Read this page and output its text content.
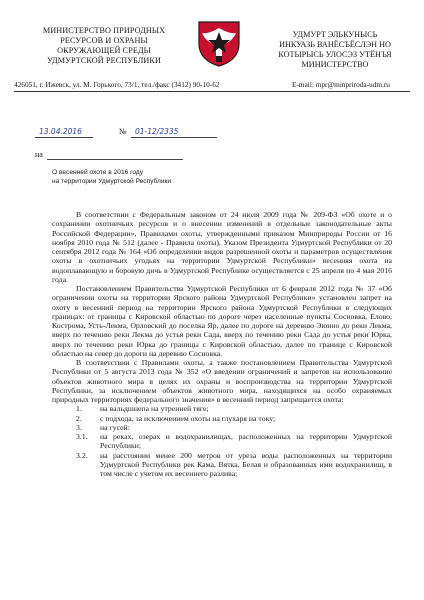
МИНИСТЕРСТВО ПРИРОДНЫХ
РЕСУРСОВ И ОХРАНЫ
ОКРУЖАЮЩЕЙ СРЕДЫ
УДМУРТСКОЙ РЕСПУБЛИКИ
УДМУРТ ЭЛЬКУНЫСЬ
ИНКУАЗЬ ВАНЁСЪЁСЛЭН НО
КОТЫРЫСЬ УЛОСЭЗ УТЁНЪЯ
МИНИСТЕРСТВО
426051, г. Ижевск, ул. М. Горького, 73/1, тел./факс (3412) 90-10-62	E-mail: mpr@minpriroda-udm.ru
13.04.2016	№ 01-12/2335
на
О весенней охоте в 2016 году
на территории Удмуртской Республики

В соответствии с Федеральным законом от 24 июля 2009 года № 209-ФЗ «Об охоте и о сохранении охотничьих ресурсов и о внесении изменений в отдельные законодательные акты Российской Федерации», Правилами охоты, утвержденными приказом Минприроды России от 16 ноября 2010 года № 512 (далее - Правила охоты), Указом Президента Удмуртской Республики от 20 сентября 2012 года № 164 «Об определении видов разрешенной охоты и параметров осуществления охоты в охотничьих угодьях на территории Удмуртской Республики» весенняя охота на водоплавающую и боровую дичь в Удмуртской Республике осуществляется с 25 апреля по 4 мая 2016 года.

Постановлением Правительства Удмуртской Республики от 6 февраля 2012 года № 37 «Об ограничении охоты на территории Ярского района Удмуртской Республики» установлен запрет на охоту в весенний период на территории Ярского района Удмуртской Республики в следующих границах: от границы с Кировской областью по дороге через населенные пункты Сосновка, Елово, Кострома, Усть-Лекма, Орловский до поселка Яр, далее по дороге на деревню Эюино до реки Лекма, вверх по течению реки Лекма до устья реки Сада, вверх по течению реки Сада до устья реки Юрка, вверх по течению реки Юрка до границы с Кировской областью, далее по границе с Кировской областью на север до дороги на деревню Сосновка.

В соответствии с Правилами охоты, а также постановлением Правительства Удмуртской Республики от 5 августа 2013 года № 352 «О введении ограничений и запретов на использование объектов животного мира в целях их охраны и воспроизводства на территории Удмуртской Республики, за исключением объектов животного мира, находящихся на особо охраняемых природных территориях федерального значения» в весенний период запрещается охота:

1.	на вальдшнепа на утренней тяге;
2.	с подхода, за исключением охоты на глухаря на току;
3.	на гусей:
3.1.	на реках, озерах и водохранилищах, расположенных на территории Удмуртской Республики;
3.2.	на расстоянии менее 200 метров от уреза воды расположенных на территории Удмуртской Республики рек Кама, Вятка, Белая и образованных ими водохранилищ, в том числе с учетом их весеннего разлива;
